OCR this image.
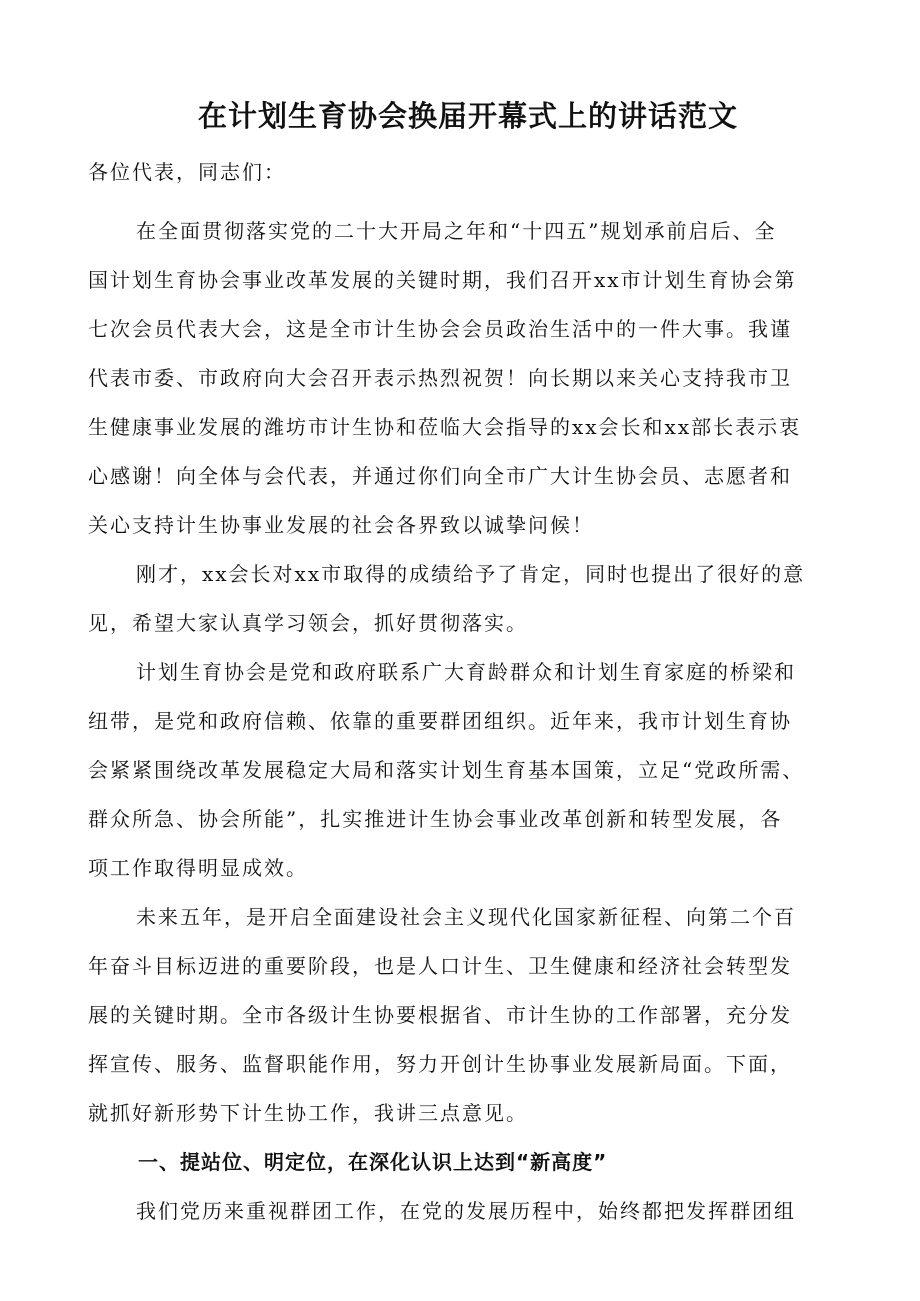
在计划生育协会换届开幕式上的讲话范文

各位代表，同志们：

在全面贯彻落实党的二十大开局之年和“十四五”规划承前启后、全
国计划生育协会事业改革发展的关键时期，我们召开xx市计划生育协会第
七次会员代表大会，这是全市计生协会会员政治生活中的一件大事。我谨
代表市委、市政府向大会召开表示热烈祝贺！向长期以来关心支持我市卫
生健康事业发展的潍坊市计生协和莅临大会指导的xx会长和xx部长表示衷
心感谢！向全体与会代表，并通过你们向全市广大计生协会员、志愿者和
关心支持计生协事业发展的社会各界致以诚挚问候！

刚才，xx会长对xx市取得的成绩给予了肯定，同时也提出了很好的意
见，希望大家认真学习领会，抓好贯彻落实。

计划生育协会是党和政府联系广大育龄群众和计划生育家庭的桥梁和
纽带，是党和政府信赖、依靠的重要群团组织。近年来，我市计划生育协
会紧紧围绕改革发展稳定大局和落实计划生育基本国策，立足“党政所需、
群众所急、协会所能”，扎实推进计生协会事业改革创新和转型发展，各
项工作取得明显成效。

未来五年，是开启全面建设社会主义现代化国家新征程、向第二个百
年奋斗目标迈进的重要阶段，也是人口计生、卫生健康和经济社会转型发
展的关键时期。全市各级计生协要根据省、市计生协的工作部署，充分发
挥宣传、服务、监督职能作用，努力开创计生协事业发展新局面。下面，
就抓好新形势下计生协工作，我讲三点意见。

一、提站位、明定位，在深化认识上达到“新高度”

我们党历来重视群团工作，在党的发展历程中，始终都把发挥群团组
